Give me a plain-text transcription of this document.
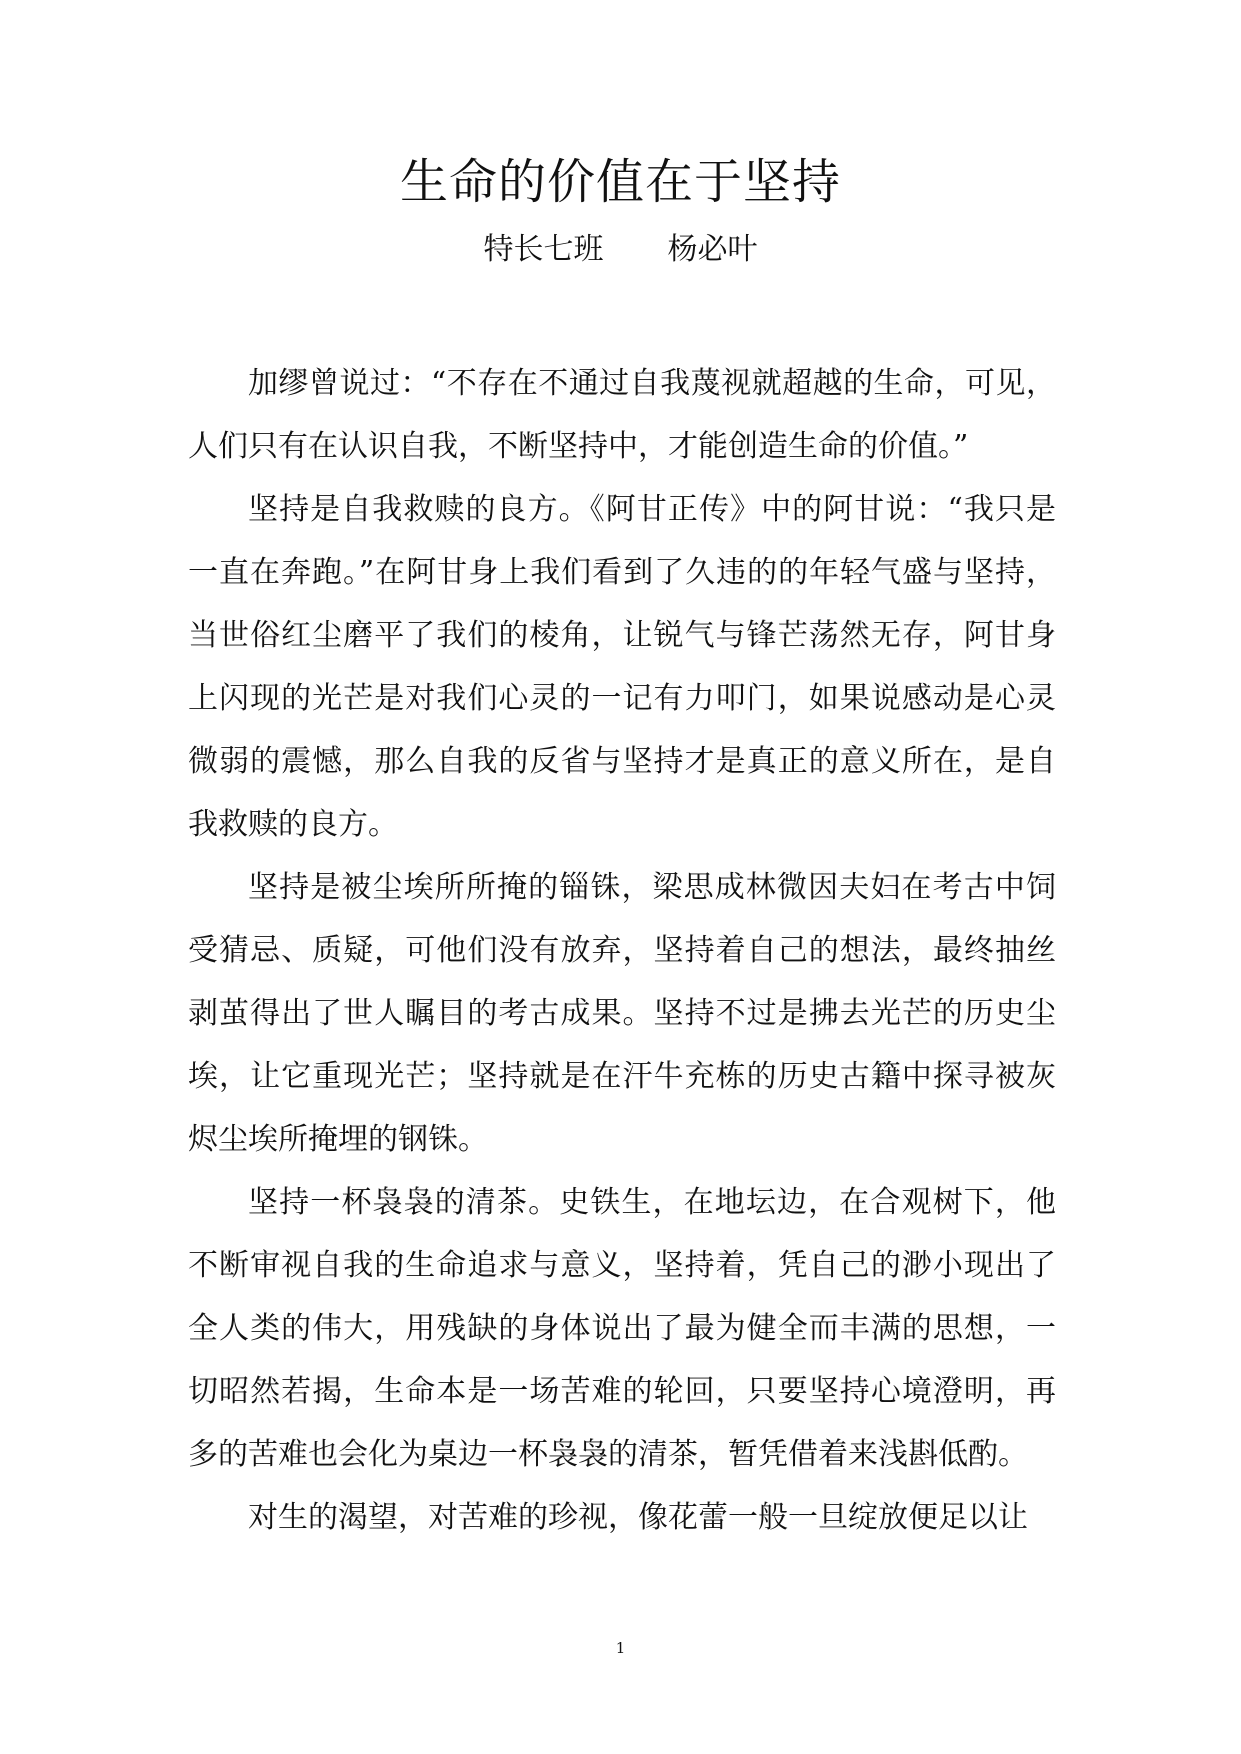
生命的价值在于坚持

特长七班 杨必叶

加缪曾说过：“不存在不通过自我蔑视就超越的生命，可见，人们只有在认识自我，不断坚持中，才能创造生命的价值。”

坚持是自我救赎的良方。《阿甘正传》中的阿甘说：“我只是一直在奔跑。”在阿甘身上我们看到了久违的的年轻气盛与坚持，当世俗红尘磨平了我们的棱角，让锐气与锋芒荡然无存，阿甘身上闪现的光芒是对我们心灵的一记有力叩门，如果说感动是心灵微弱的震憾，那么自我的反省与坚持才是真正的意义所在，是自我救赎的良方。

坚持是被尘埃所所掩的锱铢，梁思成林微因夫妇在考古中饲受猜忌、质疑，可他们没有放弃，坚持着自己的想法，最终抽丝剥茧得出了世人瞩目的考古成果。坚持不过是拂去光芒的历史尘埃，让它重现光芒；坚持就是在汗牛充栋的历史古籍中探寻被灰烬尘埃所掩埋的钢铢。

坚持一杯袅袅的清茶。史铁生，在地坛边，在合观树下，他不断审视自我的生命追求与意义，坚持着，凭自己的渺小现出了全人类的伟大，用残缺的身体说出了最为健全而丰满的思想，一切昭然若揭，生命本是一场苦难的轮回，只要坚持心境澄明，再多的苦难也会化为桌边一杯袅袅的清茶，暂凭借着来浅斟低酌。

对生的渴望，对苦难的珍视，像花蕾一般一旦绽放便足以让

1
